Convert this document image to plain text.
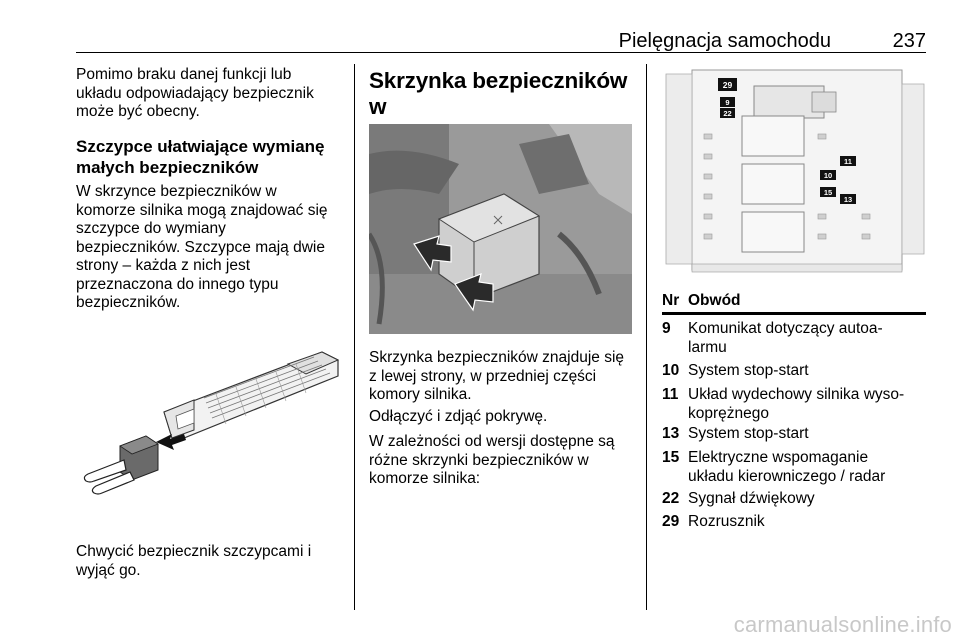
Pielęgnacja samochodu	237
Pomimo braku danej funkcji lub
układu odpowiadający bezpiecznik
może być obecny.
Szczypce ułatwiające wymianę
małych bezpieczników
W skrzynce bezpieczników w
komorze silnika mogą znajdować się
szczypce do wymiany
bezpieczników. Szczypce mają dwie
strony – każda z nich jest
przeznaczona do innego typu
bezpieczników.
Chwycić bezpiecznik szczypcami i
wyjąć go.
Skrzynka bezpieczników w

Skrzynka bezpieczników znajduje się
z lewej strony, w przedniej części
komory silnika.
Odłączyć i zdjąć pokrywę.
W zależności od wersji dostępne są
różne skrzynki bezpieczników w
komorze silnika:
29
9
22
11
10
15
13
Nr Obwód
9 Komunikat dotyczący autoa-
larmu
10 System stop-start
11 Układ wydechowy silnika wyso-
koprężnego
13 System stop-start
15 Elektryczne wspomaganie
układu kierowniczego / radar
22 Sygnał dźwiękowy
29 Rozrusznik
carmanualsonline.info
